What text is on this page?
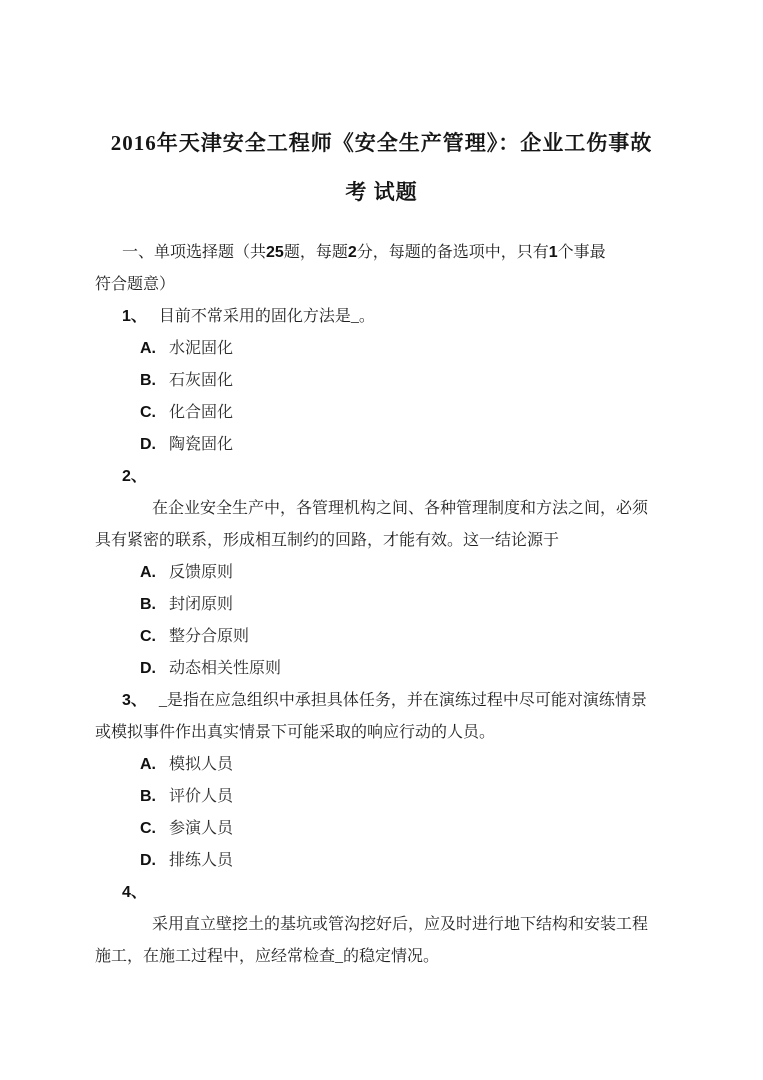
2016年天津安全工程师《安全生产管理》：企业工伤事故
考 试题

一、单项选择题（共25题，每题2分，每题的备选项中，只有1个事最

符合题意）

1、 目前不常采用的固化方法是_。

A. 水泥固化

B. 石灰固化

C. 化合固化

D. 陶瓷固化

2、

在企业安全生产中，各管理机构之间、各种管理制度和方法之间，必须

具有紧密的联系，形成相互制约的回路，才能有效。这一结论源于

A. 反馈原则

B. 封闭原则

C. 整分合原则

D. 动态相关性原则

3、 _是指在应急组织中承担具体任务，并在演练过程中尽可能对演练情景

或模拟事件作出真实情景下可能采取的响应行动的人员。

A. 模拟人员

B. 评价人员

C. 参演人员

D. 排练人员

4、

采用直立壁挖土的基坑或管沟挖好后，应及时进行地下结构和安装工程

施工，在施工过程中，应经常检查_的稳定情况。
